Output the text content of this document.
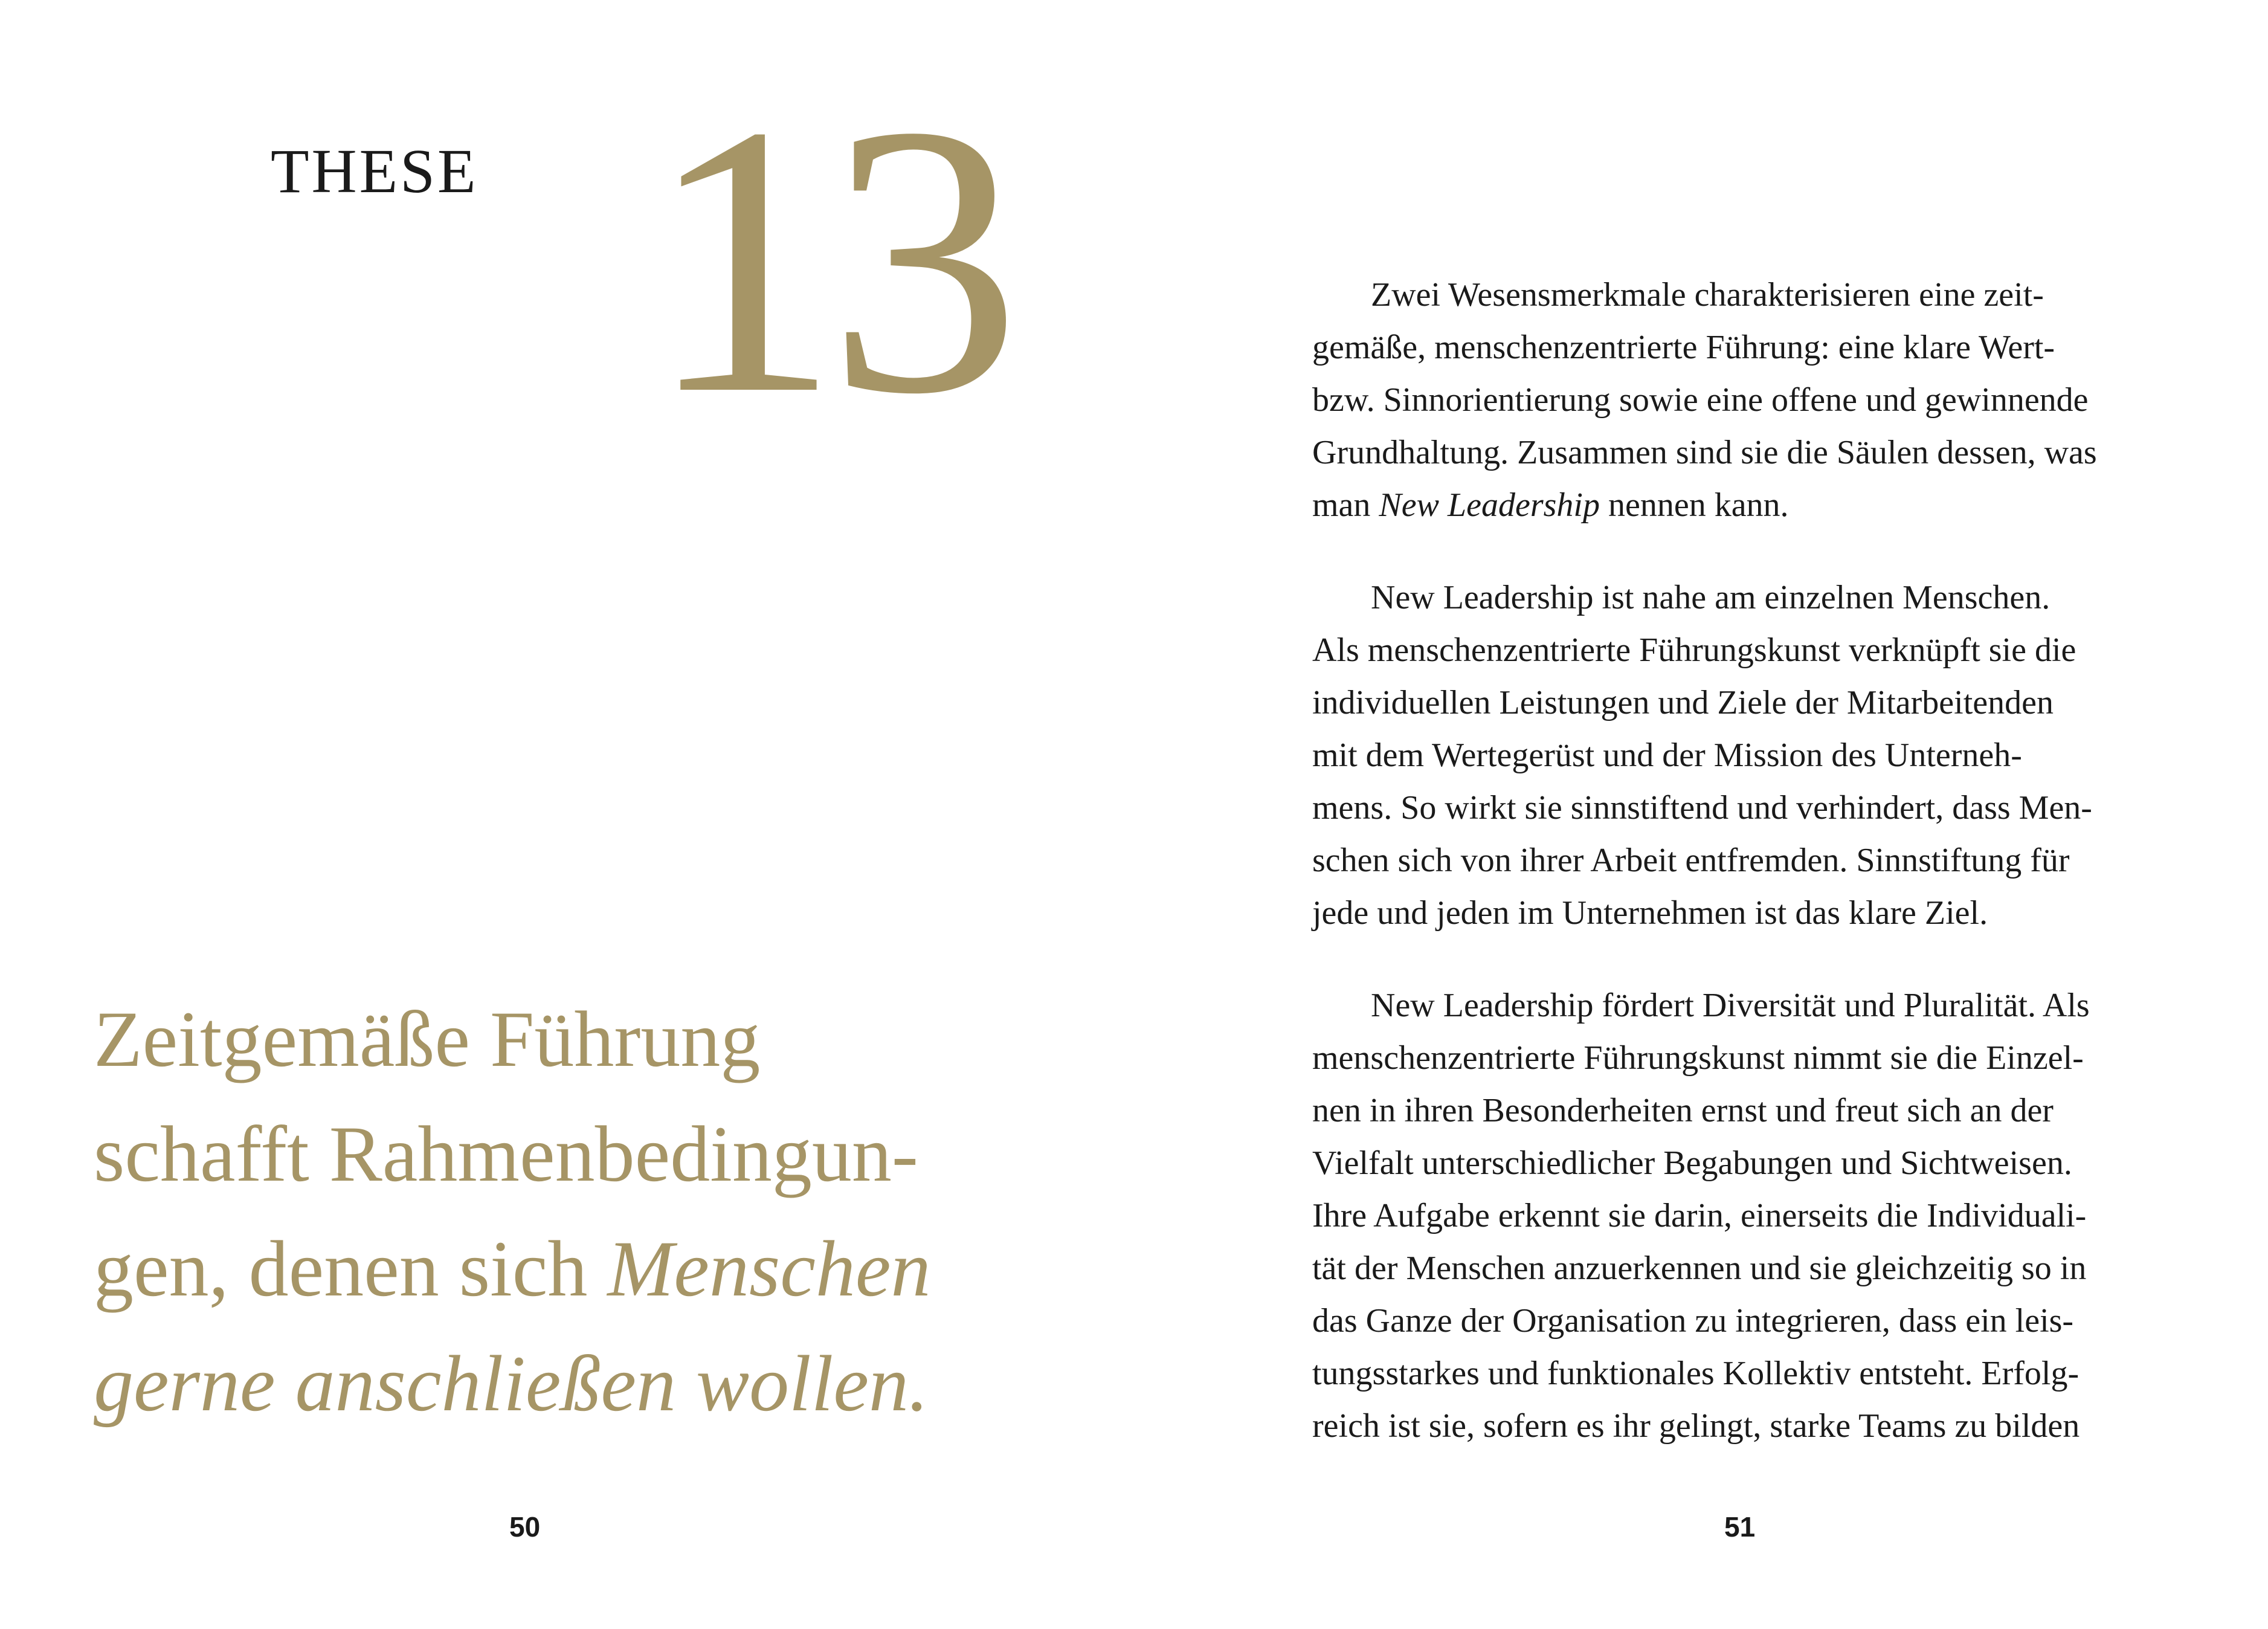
THESE 13
Zeitgemäße Führung
schafft Rahmenbedingun-
gen, denen sich Menschen
gerne anschließen wollen.
50

Zwei Wesensmerkmale charakterisieren eine zeit-
gemäße, menschenzentrierte Führung: eine klare Wert-
bzw. Sinnorientierung sowie eine offene und gewinnende
Grundhaltung. Zusammen sind sie die Säulen dessen, was
man New Leadership nennen kann.

New Leadership ist nahe am einzelnen Menschen.
Als menschenzentrierte Führungskunst verknüpft sie die
individuellen Leistungen und Ziele der Mitarbeitenden
mit dem Wertegerüst und der Mission des Unterneh-
mens. So wirkt sie sinnstiftend und verhindert, dass Men-
schen sich von ihrer Arbeit entfremden. Sinnstiftung für
jede und jeden im Unternehmen ist das klare Ziel.

New Leadership fördert Diversität und Pluralität. Als
menschenzentrierte Führungskunst nimmt sie die Einzel-
nen in ihren Besonderheiten ernst und freut sich an der
Vielfalt unterschiedlicher Begabungen und Sichtweisen.
Ihre Aufgabe erkennt sie darin, einerseits die Individuali-
tät der Menschen anzuerkennen und sie gleichzeitig so in
das Ganze der Organisation zu integrieren, dass ein leis-
tungsstarkes und funktionales Kollektiv entsteht. Erfolg-
reich ist sie, sofern es ihr gelingt, starke Teams zu bilden

51
